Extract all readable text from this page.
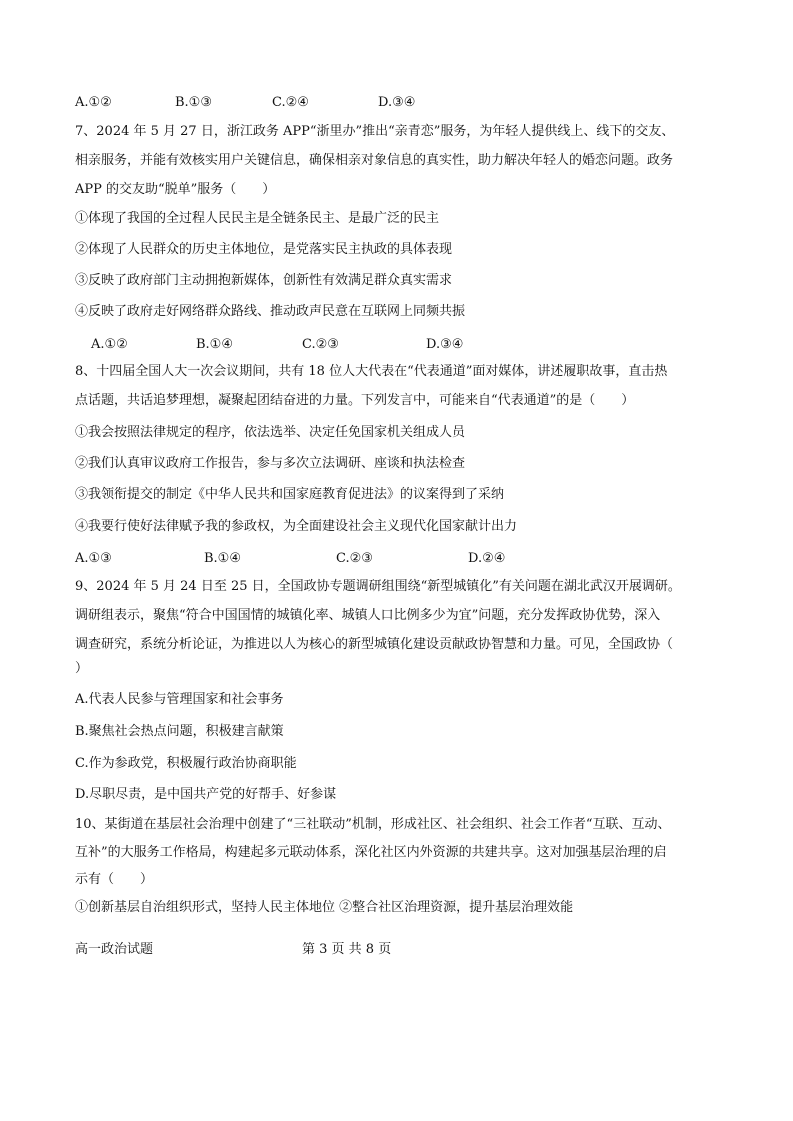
A.①②	B.①③	C.②④	D.③④
7、2024 年 5 月 27 日，浙江政务 APP“浙里办”推出“亲青恋”服务，为年轻人提供线上、线下的交友、
相亲服务，并能有效核实用户关键信息，确保相亲对象信息的真实性，助力解决年轻人的婚恋问题。政务
APP 的交友助“脱单”服务（　　）
①体现了我国的全过程人民民主是全链条民主、是最广泛的民主
②体现了人民群众的历史主体地位，是党落实民主执政的具体表现
③反映了政府部门主动拥抱新媒体，创新性有效满足群众真实需求
④反映了政府走好网络群众路线、推动政声民意在互联网上同频共振
A.①②	B.①④	C.②③	D.③④
8、十四届全国人大一次会议期间，共有 18 位人大代表在“代表通道”面对媒体，讲述履职故事，直击热
点话题，共话追梦理想，凝聚起团结奋进的力量。下列发言中，可能来自“代表通道”的是（　　）
①我会按照法律规定的程序，依法选举、决定任免国家机关组成人员
②我们认真审议政府工作报告，参与多次立法调研、座谈和执法检查
③我领衔提交的制定《中华人民共和国家庭教育促进法》的议案得到了采纳
④我要行使好法律赋予我的参政权，为全面建设社会主义现代化国家献计出力
A.①③	B.①④	C.②③	D.②④
9、2024 年 5 月 24 日至 25 日，全国政协专题调研组围绕“新型城镇化”有关问题在湖北武汉开展调研。
调研组表示，聚焦“符合中国国情的城镇化率、城镇人口比例多少为宜”问题，充分发挥政协优势，深入
调查研究，系统分析论证，为推进以人为核心的新型城镇化建设贡献政协智慧和力量。可见，全国政协（
）
A.代表人民参与管理国家和社会事务
B.聚焦社会热点问题，积极建言献策
C.作为参政党，积极履行政治协商职能
D.尽职尽责，是中国共产党的好帮手、好参谋
10、某街道在基层社会治理中创建了“三社联动”机制，形成社区、社会组织、社会工作者“互联、互动、
互补”的大服务工作格局，构建起多元联动体系，深化社区内外资源的共建共享。这对加强基层治理的启
示有（　　）
①创新基层自治组织形式，坚持人民主体地位 ②整合社区治理资源，提升基层治理效能
高一政治试题	第 3 页 共 8 页
